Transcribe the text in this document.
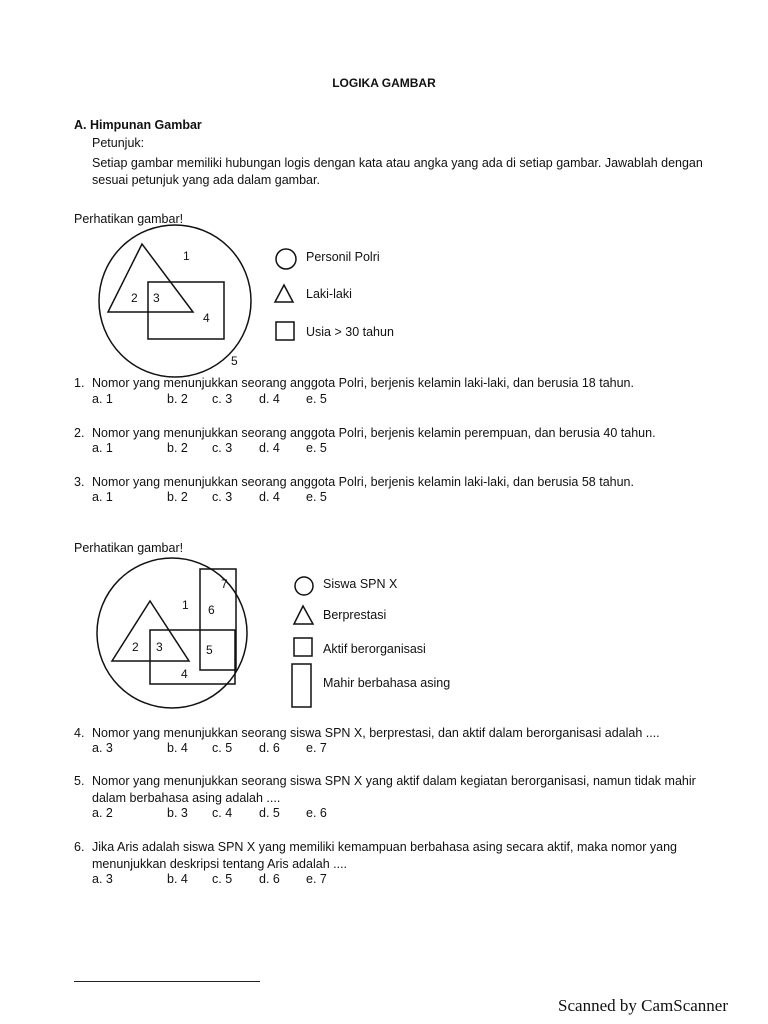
LOGIKA GAMBAR
A. Himpunan Gambar
Petunjuk:
Setiap gambar memiliki hubungan logis dengan kata atau angka yang ada di setiap gambar. Jawablah dengan sesuai petunjuk yang ada dalam gambar.
Perhatikan gambar!
1
2 3
4
5
Personil Polri
Laki-laki
Usia > 30 tahun
1. Nomor yang menunjukkan seorang anggota Polri, berjenis kelamin laki-laki, dan berusia 18 tahun.
a. 1	b. 2 c. 3 d. 4 e. 5
2. Nomor yang menunjukkan seorang anggota Polri, berjenis kelamin perempuan, dan berusia 40 tahun.
a. 1	b. 2 c. 3 d. 4 e. 5
3. Nomor yang menunjukkan seorang anggota Polri, berjenis kelamin laki-laki, dan berusia 58 tahun.
a. 1	b. 2 c. 3 d. 4 e. 5
Perhatikan gambar!
1
2 3
4
5
6
7	Siswa SPN X
Berprestasi
Aktif berorganisasi
Mahir berbahasa asing
4. Nomor yang menunjukkan seorang siswa SPN X, berprestasi, dan aktif dalam berorganisasi adalah ....
a. 3	b. 4 c. 5 d. 6 e. 7
5. Nomor yang menunjukkan seorang siswa SPN X yang aktif dalam kegiatan berorganisasi, namun tidak mahir dalam berbahasa asing adalah ....
a. 2	b. 3 c. 4 d. 5 e. 6
6. Jika Aris adalah siswa SPN X yang memiliki kemampuan berbahasa asing secara aktif, maka nomor yang menunjukkan deskripsi tentang Aris adalah ....
a. 3	b. 4 c. 5 d. 6 e. 7
Scanned by CamScanner
